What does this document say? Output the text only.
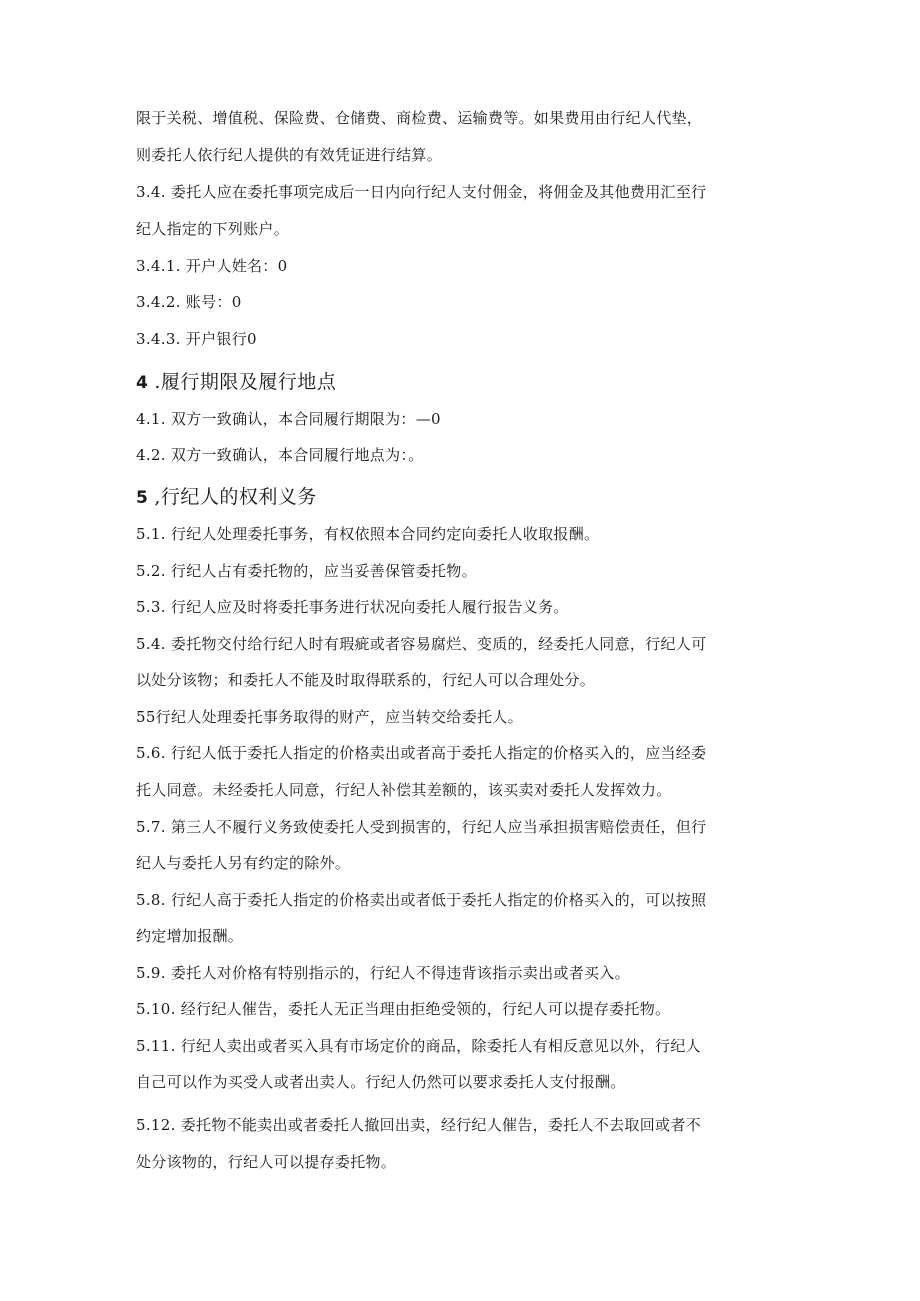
限于关税、增值税、保险费、仓储费、商检费、运输费等。如果费用由行纪人代垫，
则委托人依行纪人提供的有效凭证进行结算。
3.4. 委托人应在委托事项完成后一日内向行纪人支付佣金，将佣金及其他费用汇至行
纪人指定的下列账户。
3.4.1. 开户人姓名：0
3.4.2. 账号：0
3.4.3. 开户银行0
4 .履行期限及履行地点
4.1. 双方一致确认，本合同履行期限为：—0
4.2. 双方一致确认，本合同履行地点为：。
5 ,行纪人的权利义务
5.1. 行纪人处理委托事务，有权依照本合同约定向委托人收取报酬。
5.2. 行纪人占有委托物的，应当妥善保管委托物。
5.3. 行纪人应及时将委托事务进行状况向委托人履行报告义务。
5.4. 委托物交付给行纪人时有瑕疵或者容易腐烂、变质的，经委托人同意，行纪人可
以处分该物；和委托人不能及时取得联系的，行纪人可以合理处分。
55行纪人处理委托事务取得的财产，应当转交给委托人。
5.6. 行纪人低于委托人指定的价格卖出或者高于委托人指定的价格买入的，应当经委
托人同意。未经委托人同意，行纪人补偿其差额的，该买卖对委托人发挥效力。
5.7. 第三人不履行义务致使委托人受到损害的，行纪人应当承担损害赔偿责任，但行
纪人与委托人另有约定的除外。
5.8. 行纪人高于委托人指定的价格卖出或者低于委托人指定的价格买入的，可以按照
约定增加报酬。
5.9. 委托人对价格有特别指示的，行纪人不得违背该指示卖出或者买入。
5.10. 经行纪人催告，委托人无正当理由拒绝受领的，行纪人可以提存委托物。
5.11. 行纪人卖出或者买入具有市场定价的商品，除委托人有相反意见以外，行纪人
自己可以作为买受人或者出卖人。行纪人仍然可以要求委托人支付报酬。
5.12. 委托物不能卖出或者委托人撤回出卖，经行纪人催告，委托人不去取回或者不
处分该物的，行纪人可以提存委托物。
